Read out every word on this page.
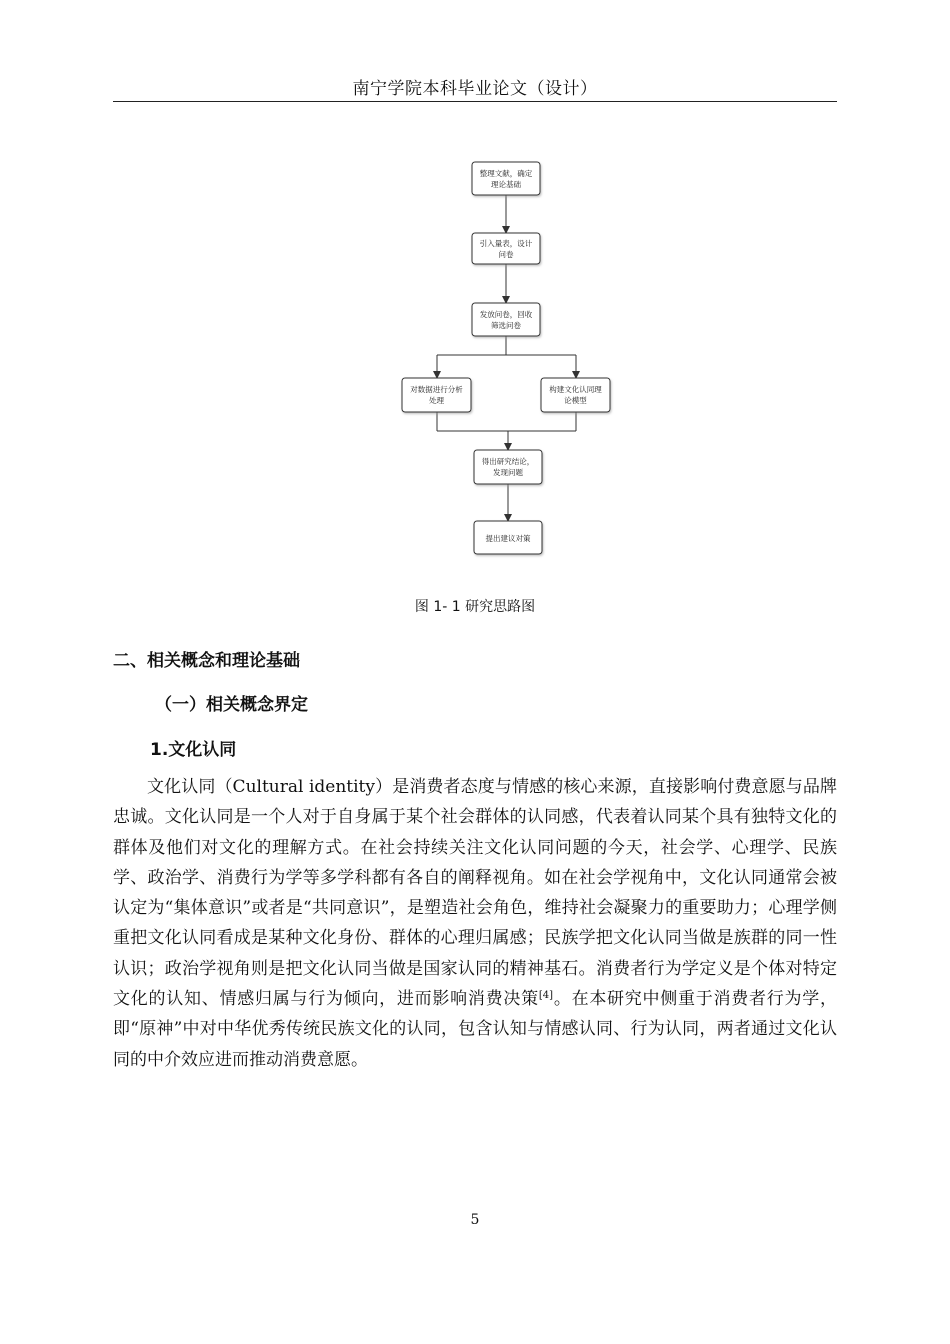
南宁学院本科毕业论文（设计）
整理文献，确定
理论基础
引入量表，设计
问卷
发放问卷，回收
筛选问卷
对数据进行分析
处理
构建文化认同理
论模型
得出研究结论，
发现问题
提出建议对策
图 1- 1 研究思路图
二、相关概念和理论基础
（一）相关概念界定
1.文化认同

文化认同（Cultural identity）是消费者态度与情感的核心来源，直接影响付费意愿与品牌忠诚。文化认同是一个人对于自身属于某个社会群体的认同感，代表着认同某个具有独特文化的群体及他们对文化的理解方式。在社会持续关注文化认同问题的今天，社会学、心理学、民族学、政治学、消费行为学等多学科都有各自的阐释视角。如在社会学视角中，文化认同通常会被认定为“集体意识”或者是“共同意识”，是塑造社会角色，维持社会凝聚力的重要助力；心理学侧重把文化认同看成是某种文化身份、群体的心理归属感；民族学把文化认同当做是族群的同一性认识；政治学视角则是把文化认同当做是国家认同的精神基石。消费者行为学定义是个体对特定文化的认知、情感归属与行为倾向，进而影响消费决策[4]。在本研究中侧重于消费者行为学，即“原神”中对中华优秀传统民族文化的认同，包含认知与情感认同、行为认同，两者通过文化认同的中介效应进而推动消费意愿。

5
